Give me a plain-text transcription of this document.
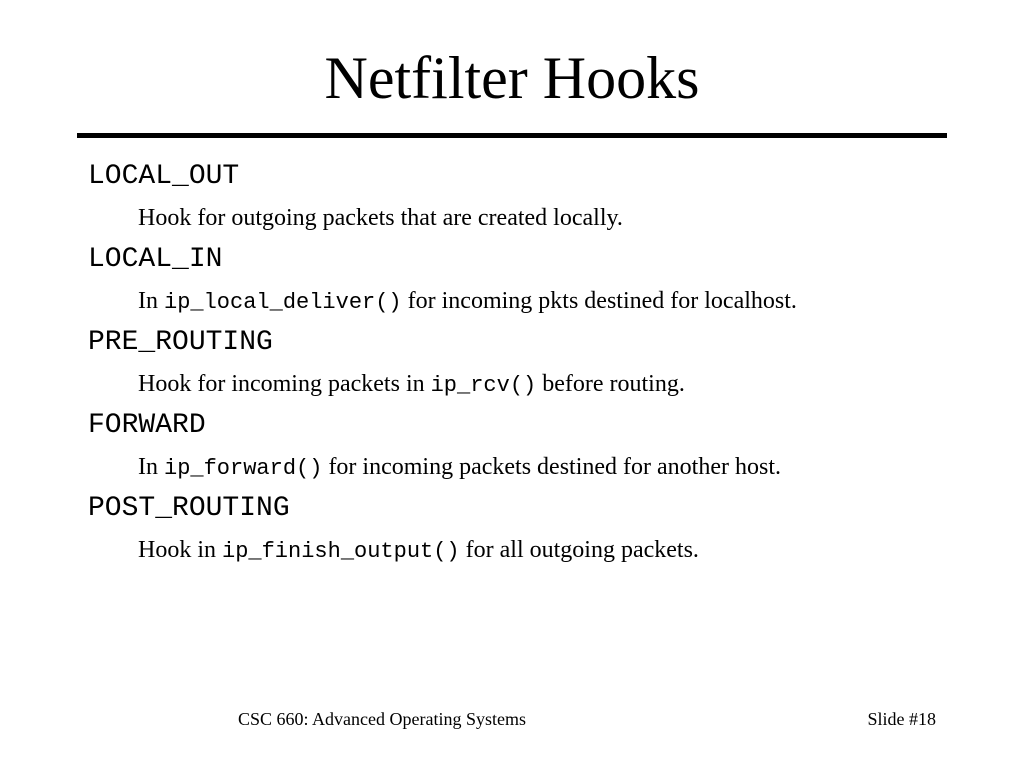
Netfilter Hooks
LOCAL_OUT
Hook for outgoing packets that are created locally.
LOCAL_IN
In ip_local_deliver() for incoming pkts destined for localhost.
PRE_ROUTING
Hook for incoming packets in ip_rcv() before routing.
FORWARD
In ip_forward() for incoming packets destined for another host.
POST_ROUTING
Hook in ip_finish_output() for all outgoing packets.
CSC 660: Advanced Operating Systems	Slide #18
